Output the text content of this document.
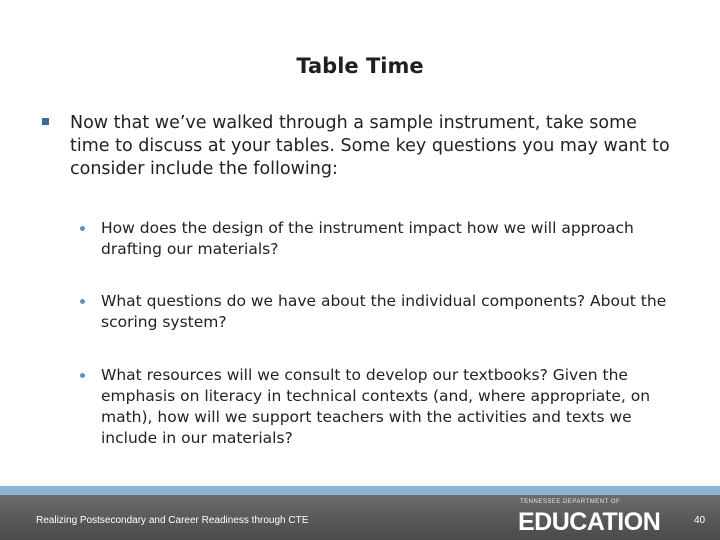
Table Time
Now that we’ve walked through a sample instrument, take some time to discuss at your tables. Some key questions you may want to consider include the following:
How does the design of the instrument impact how we will approach drafting our materials?
What questions do we have about the individual components? About the scoring system?
What resources will we consult to develop our textbooks? Given the emphasis on literacy in technical contexts (and, where appropriate, on math), how will we support teachers with the activities and texts we include in our materials?
Realizing Postsecondary and Career Readiness through CTE
TENNESSEE DEPARTMENT OF
EDUCATION	40
